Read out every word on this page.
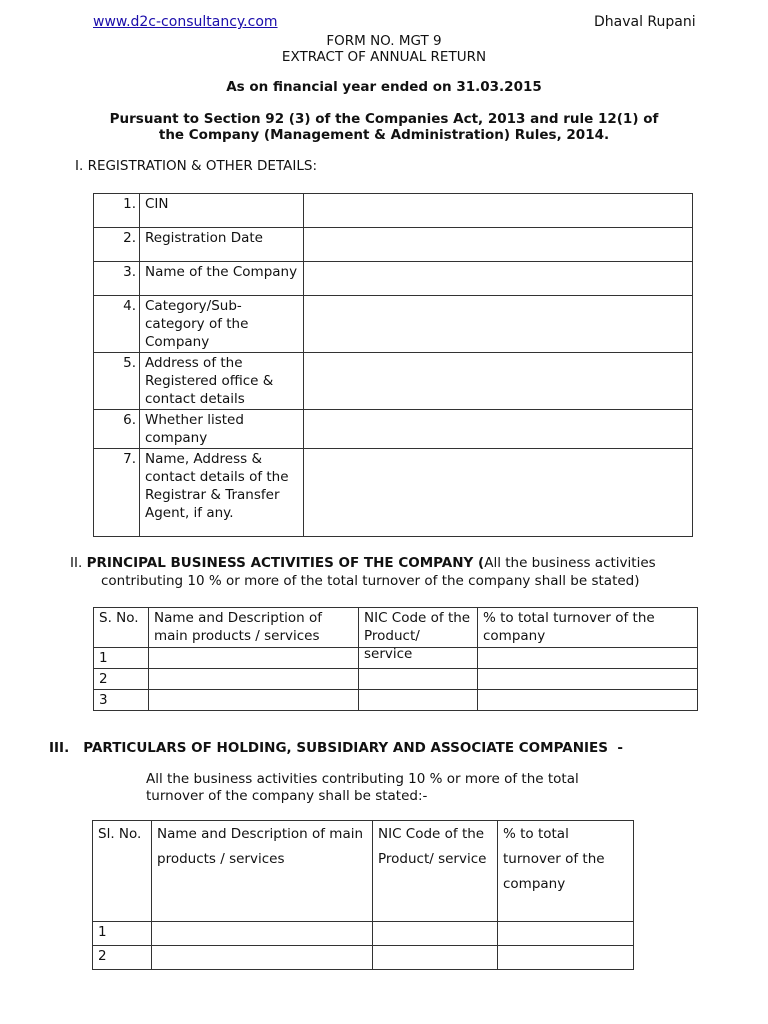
www.d2c-consultancy.com	Dhaval Rupani
FORM NO. MGT 9
EXTRACT OF ANNUAL RETURN
As on financial year ended on 31.03.2015
Pursuant to Section 92 (3) of the Companies Act, 2013 and rule 12(1) of
the Company (Management & Administration) Rules, 2014.
I. REGISTRATION & OTHER DETAILS:
1.	CIN	
2.	Registration Date	
3.	Name of the Company	
4.	Category/Sub-category of the Company	
5.	Address of the Registered office & contact details	
6.	Whether listed company	
7.	Name, Address & contact details of the Registrar & Transfer Agent, if any.	
II. PRINCIPAL BUSINESS ACTIVITIES OF THE COMPANY (All the business activities
contributing 10 % or more of the total turnover of the company shall be stated)
S. No.	Name and Description of main products / services	NIC Code of the Product/ service	% to total turnover of the company
1			
2			
3			
III.   PARTICULARS OF HOLDING, SUBSIDIARY AND ASSOCIATE COMPANIES  -
All the business activities contributing 10 % or more of the total
turnover of the company shall be stated:-
Sl. No.	Name and Description of main products / services	NIC Code of the Product/ service	% to total turnover of the company
1			
2			
